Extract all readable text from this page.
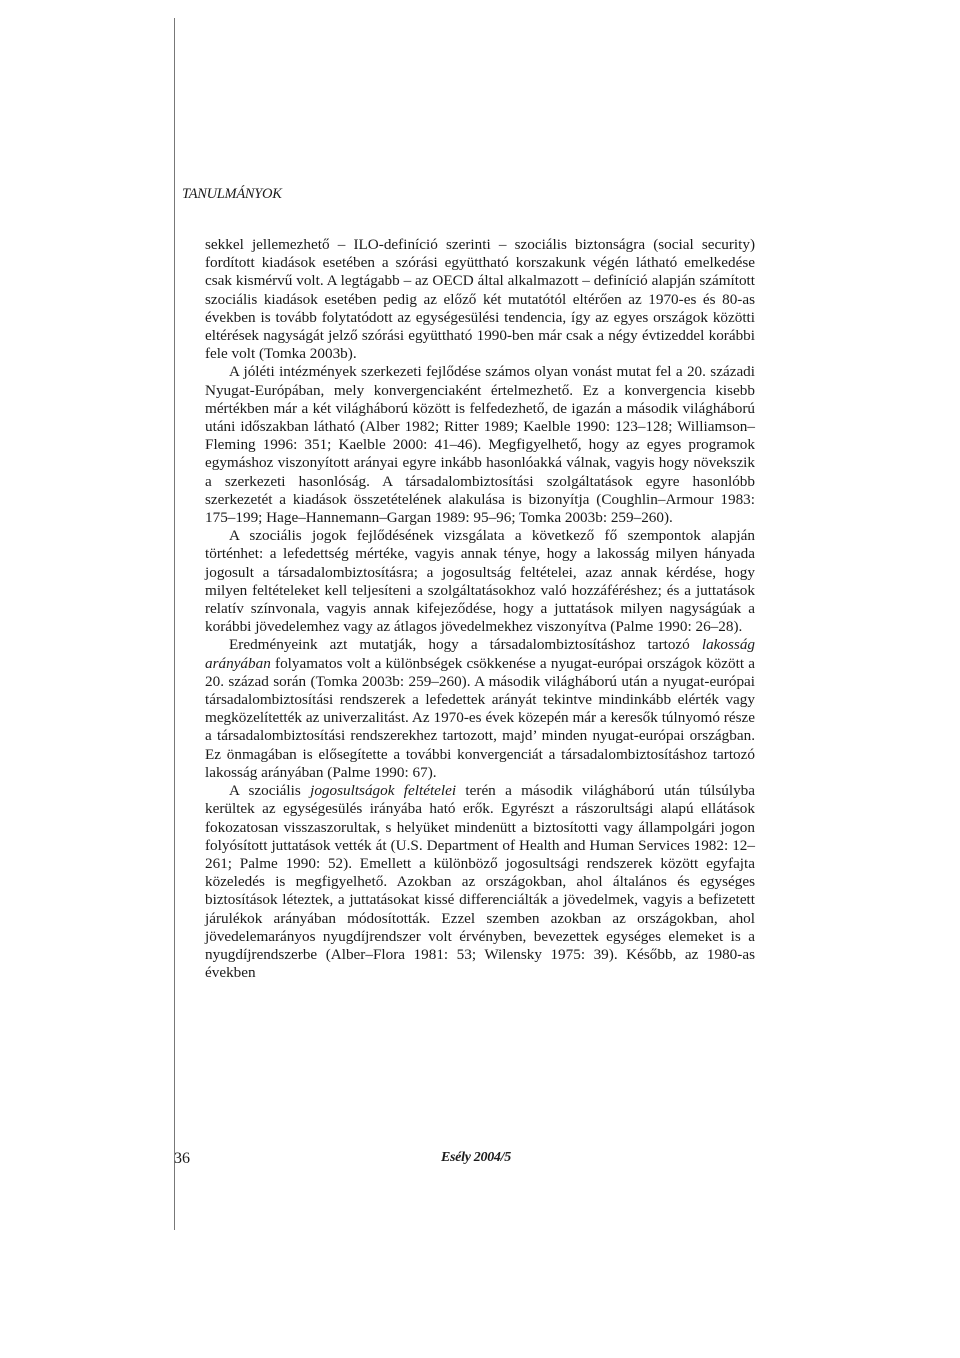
TANULMÁNYOK

sekkel jellemezhető – ILO-definíció szerinti – szociális biztonságra (social security) fordított kiadások esetében a szórási együttható korszakunk végén látható emelkedése csak kismérvű volt. A legtágabb – az OECD által alkalmazott – definíció alapján számított szociális kiadások esetében pedig az előző két mutatótól eltérően az 1970-es és 80-as években is tovább folytatódott az egységesülési tendencia, így az egyes országok közötti eltérések nagyságát jelző szórási együttható 1990-ben már csak a négy évtizeddel korábbi fele volt (Tomka 2003b).

A jóléti intézmények szerkezeti fejlődése számos olyan vonást mutat fel a 20. századi Nyugat-Európában, mely konvergenciaként értelmezhető. Ez a konvergencia kisebb mértékben már a két világháború között is felfedezhető, de igazán a második világháború utáni időszakban látható (Alber 1982; Ritter 1989; Kaelble 1990: 123–128; Williamson–Fleming 1996: 351; Kaelble 2000: 41–46). Megfigyelhető, hogy az egyes programok egymáshoz viszonyított arányai egyre inkább hasonlóakká válnak, vagyis hogy növekszik a szerkezeti hasonlóság. A társadalombiztosítási szolgáltatások egyre hasonlóbb szerkezetét a kiadások összetételének alakulása is bizonyítja (Coughlin–Armour 1983: 175–199; Hage–Hannemann–Gargan 1989: 95–96; Tomka 2003b: 259–260).

A szociális jogok fejlődésének vizsgálata a következő fő szempontok alapján történhet: a lefedettség mértéke, vagyis annak ténye, hogy a lakosság milyen hányada jogosult a társadalombiztosításra; a jogosultság feltételei, azaz annak kérdése, hogy milyen feltételeket kell teljesíteni a szolgáltatásokhoz való hozzáféréshez; és a juttatások relatív színvonala, vagyis annak kifejeződése, hogy a juttatások milyen nagyságúak a korábbi jövedelemhez vagy az átlagos jövedelmekhez viszonyítva (Palme 1990: 26–28).

Eredményeink azt mutatják, hogy a társadalombiztosításhoz tartozó lakosság arányában folyamatos volt a különbségek csökkenése a nyugat-európai országok között a 20. század során (Tomka 2003b: 259–260). A második világháború után a nyugat-európai társadalombiztosítási rendszerek a lefedettek arányát tekintve mindinkább elérték vagy megközelítették az univerzalitást. Az 1970-es évek közepén már a keresők túlnyomó része a társadalombiztosítási rendszerekhez tartozott, majd’ minden nyugat-európai országban. Ez önmagában is elősegítette a további konvergenciát a társadalombiztosításhoz tartozó lakosság arányában (Palme 1990: 67).

A szociális jogosultságok feltételei terén a második világháború után túlsúlyba kerültek az egységesülés irányába ható erők. Egyrészt a rászorultsági alapú ellátások fokozatosan visszaszorultak, s helyüket mindenütt a biztosítotti vagy állampolgári jogon folyósított juttatások vették át (U.S. Department of Health and Human Services 1982: 12–261; Palme 1990: 52). Emellett a különböző jogosultsági rendszerek között egyfajta közeledés is megfigyelhető. Azokban az országokban, ahol általános és egységes biztosítások léteztek, a juttatásokat kissé differenciálták a jövedelmek, vagyis a befizetett járulékok arányában módosították. Ezzel szemben azokban az országokban, ahol jövedelemarányos nyugdíjrendszer volt érvényben, bevezettek egységes elemeket is a nyugdíjrendszerbe (Alber–Flora 1981: 53; Wilensky 1975: 39). Később, az 1980-as években

36	Esély 2004/5
